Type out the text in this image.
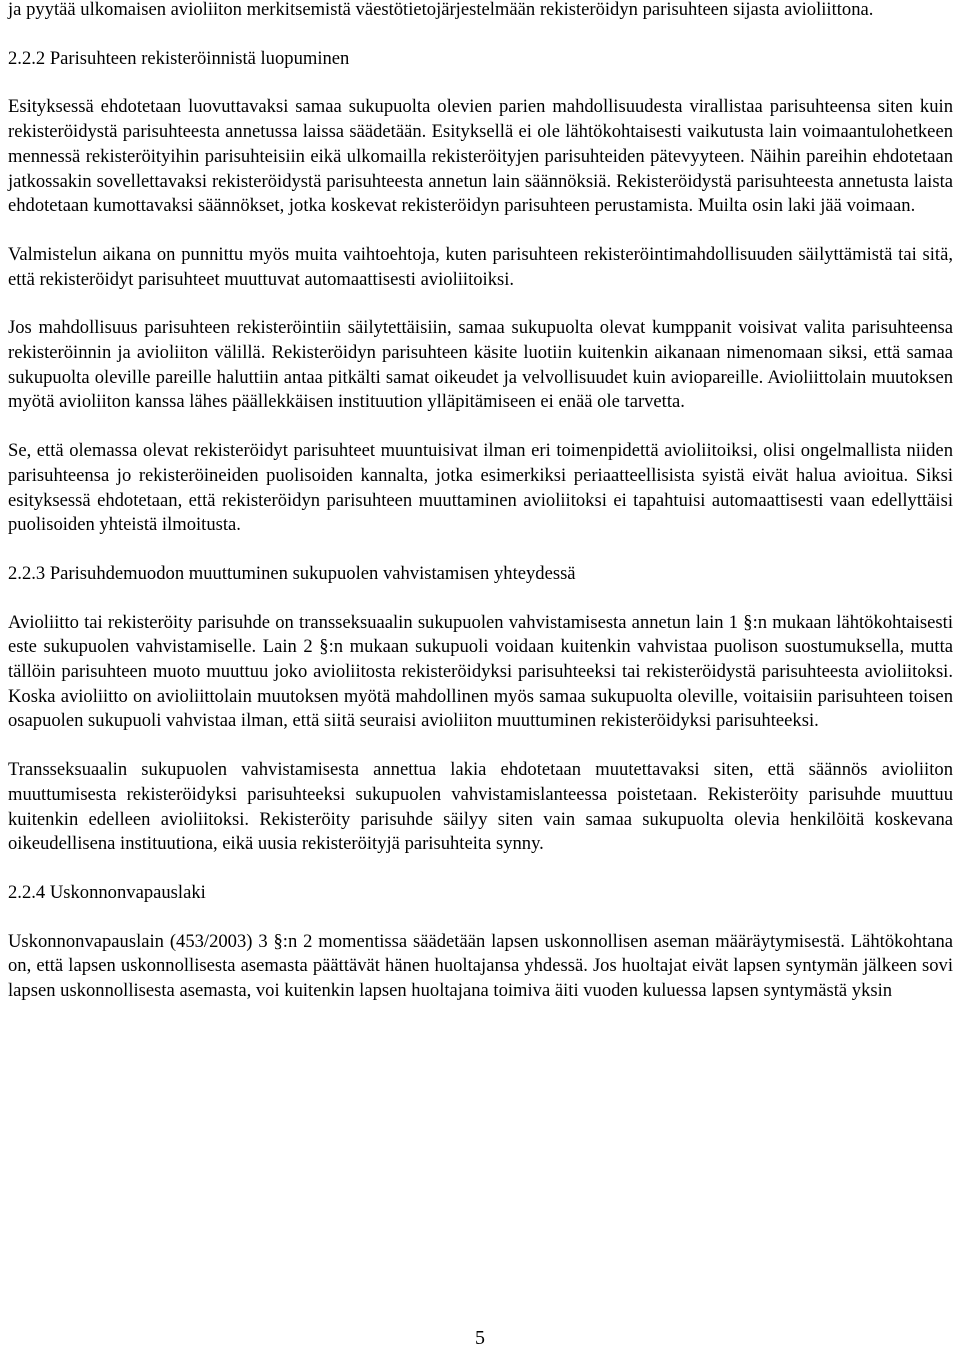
ja pyytää ulkomaisen avioliiton merkitsemistä väestötietojärjestelmään rekisteröidyn parisuhteen sijasta avioliittona.

2.2.2 Parisuhteen rekisteröinnistä luopuminen

Esityksessä ehdotetaan luovuttavaksi samaa sukupuolta olevien parien mahdollisuudesta virallistaa parisuhteensa siten kuin rekisteröidystä parisuhteesta annetussa laissa säädetään. Esityksellä ei ole lähtökohtaisesti vaikutusta lain voimaantulohetkeen mennessä rekisteröityihin parisuhteisiin eikä ulkomailla rekisteröityjen parisuhteiden pätevyyteen. Näihin pareihin ehdotetaan jatkossakin sovellettavaksi rekisteröidystä parisuhteesta annetun lain säännöksiä. Rekisteröidystä parisuhteesta annetusta laista ehdotetaan kumottavaksi säännökset, jotka koskevat rekisteröidyn parisuhteen perustamista. Muilta osin laki jää voimaan.

Valmistelun aikana on punnittu myös muita vaihtoehtoja, kuten parisuhteen rekisteröintimahdollisuuden säilyttämistä tai sitä, että rekisteröidyt parisuhteet muuttuvat automaattisesti avioliitoiksi.

Jos mahdollisuus parisuhteen rekisteröintiin säilytettäisiin, samaa sukupuolta olevat kumppanit voisivat valita parisuhteensa rekisteröinnin ja avioliiton välillä. Rekisteröidyn parisuhteen käsite luotiin kuitenkin aikanaan nimenomaan siksi, että samaa sukupuolta oleville pareille haluttiin antaa pitkälti samat oikeudet ja velvollisuudet kuin aviopareille. Avioliittolain muutoksen myötä avioliiton kanssa lähes päällekkäisen instituution ylläpitämiseen ei enää ole tarvetta.

Se, että olemassa olevat rekisteröidyt parisuhteet muuntuisivat ilman eri toimenpidettä avioliitoiksi, olisi ongelmallista niiden parisuhteensa jo rekisteröineiden puolisoiden kannalta, jotka esimerkiksi periaatteellisista syistä eivät halua avioitua. Siksi esityksessä ehdotetaan, että rekisteröidyn parisuhteen muuttaminen avioliitoksi ei tapahtuisi automaattisesti vaan edellyttäisi puolisoiden yhteistä ilmoitusta.

2.2.3 Parisuhdemuodon muuttuminen sukupuolen vahvistamisen yhteydessä

Avioliitto tai rekisteröity parisuhde on transseksuaalin sukupuolen vahvistamisesta annetun lain 1 §:n mukaan lähtökohtaisesti este sukupuolen vahvistamiselle. Lain 2 §:n mukaan sukupuoli voidaan kuitenkin vahvistaa puolison suostumuksella, mutta tällöin parisuhteen muoto muuttuu joko avioliitosta rekisteröidyksi parisuhteeksi tai rekisteröidystä parisuhteesta avioliitoksi. Koska avioliitto on avioliittolain muutoksen myötä mahdollinen myös samaa sukupuolta oleville, voitaisiin parisuhteen toisen osapuolen sukupuoli vahvistaa ilman, että siitä seuraisi avioliiton muuttuminen rekisteröidyksi parisuhteeksi.

Transseksuaalin sukupuolen vahvistamisesta annettua lakia ehdotetaan muutettavaksi siten, että säännös avioliiton muuttumisesta rekisteröidyksi parisuhteeksi sukupuolen vahvistamislanteessa poistetaan. Rekisteröity parisuhde muuttuu kuitenkin edelleen avioliitoksi. Rekisteröity parisuhde säilyy siten vain samaa sukupuolta olevia henkilöitä koskevana oikeudellisena instituutiona, eikä uusia rekisteröityjä parisuhteita synny.

2.2.4 Uskonnonvapauslaki

Uskonnonvapauslain (453/2003) 3 §:n 2 momentissa säädetään lapsen uskonnollisen aseman määräytymisestä. Lähtökohtana on, että lapsen uskonnollisesta asemasta päättävät hänen huoltajansa yhdessä. Jos huoltajat eivät lapsen syntymän jälkeen sovi lapsen uskonnollisesta asemasta, voi kuitenkin lapsen huoltajana toimiva äiti vuoden kuluessa lapsen syntymästä yksin

5
